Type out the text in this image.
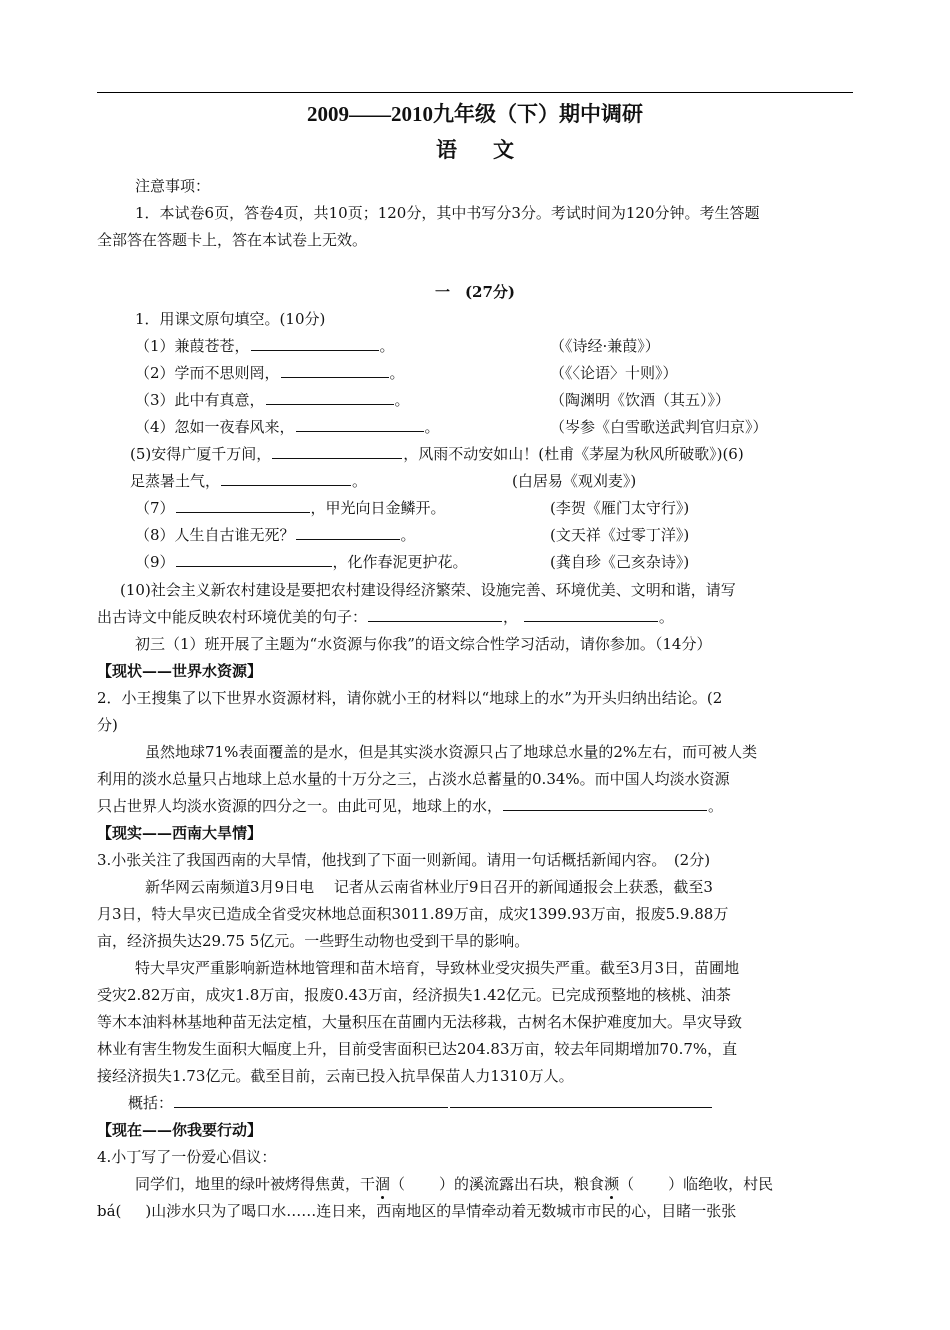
2009——2010九年级（下）期中调研
语文
注意事项：
1．本试卷6页，答卷4页，共10页；120分，其中书写分3分。考试时间为120分钟。考生答题
全部答在答题卡上，答在本试卷上无效。
一　(27分)
1．用课文原句填空。(10分)
（1）兼葭苍苍，	。	（《诗经·兼葭》）
（2）学而不思则罔，	。	（《〈论语〉十则》）
（3）此中有真意，	。	（陶渊明《饮酒（其五）》）
（4）忽如一夜春风来，	。	（岑参《白雪歌送武判官归京》）
(5)安得广厦千万间，	，风雨不动安如山！(杜甫《茅屋为秋风所破歌》)(6)
足蒸暑土气，	。	(白居易《观刈麦》)
（7）	，甲光向日金鳞开。	(李贺《雁门太守行》)
（8）人生自古谁无死？	。	(文天祥《过零丁洋》)
（9）	，化作春泥更护花。	(龚自珍《己亥杂诗》)
(10)社会主义新农村建设是要把农村建设得经济繁荣、设施完善、环境优美、文明和谐，请写
出古诗文中能反映农村环境优美的句子：	，	。
初三（1）班开展了主题为“水资源与你我”的语文综合性学习活动，请你参加。（14分）
【现状——世界水资源】
2．小王搜集了以下世界水资源材料，请你就小王的材料以“地球上的水”为开头归纳出结论。(2
分)
虽然地球71%表面覆盖的是水，但是其实淡水资源只占了地球总水量的2%左右，而可被人类
利用的淡水总量只占地球上总水量的十万分之三，占淡水总蓄量的0.34%。而中国人均淡水资源
只占世界人均淡水资源的四分之一。由此可见，地球上的水，	。
【现实——西南大旱情】
3.小张关注了我国西南的大旱情，他找到了下面一则新闻。请用一句话概括新闻内容。　(2分)
新华网云南频道3月9日电　 记者从云南省林业厅9日召开的新闻通报会上获悉，截至3
月3日，特大旱灾已造成全省受灾林地总面积3011.89万亩，成灾1399.93万亩，报废5.9.88万
亩，经济损失达29.75 5亿元。一些野生动物也受到干旱的影响。
特大旱灾严重影响新造林地管理和苗木培育，导致林业受灾损失严重。截至3月3日，苗圃地
受灾2.82万亩，成灾1.8万亩，报废0.43万亩，经济损失1.42亿元。已完成预整地的核桃、油茶
等木本油料林基地种苗无法定植，大量积压在苗圃内无法移栽，古树名木保护难度加大。旱灾导致
林业有害生物发生面积大幅度上升，目前受害面积已达204.83万亩，较去年同期增加70.7%，直
接经济损失1.73亿元。截至目前，云南已投入抗旱保苗人力1310万人。
概括：
【现在——你我要行动】
4.小丁写了一份爱心倡议：
同学们，地里的绿叶被烤得焦黄，干涸（ ）的溪流露出石块，粮食濒（ ）临绝收，村民
bá( )山涉水只为了喝口水……连日来，西南地区的旱情牵动着无数城市市民的心，目睹一张张
